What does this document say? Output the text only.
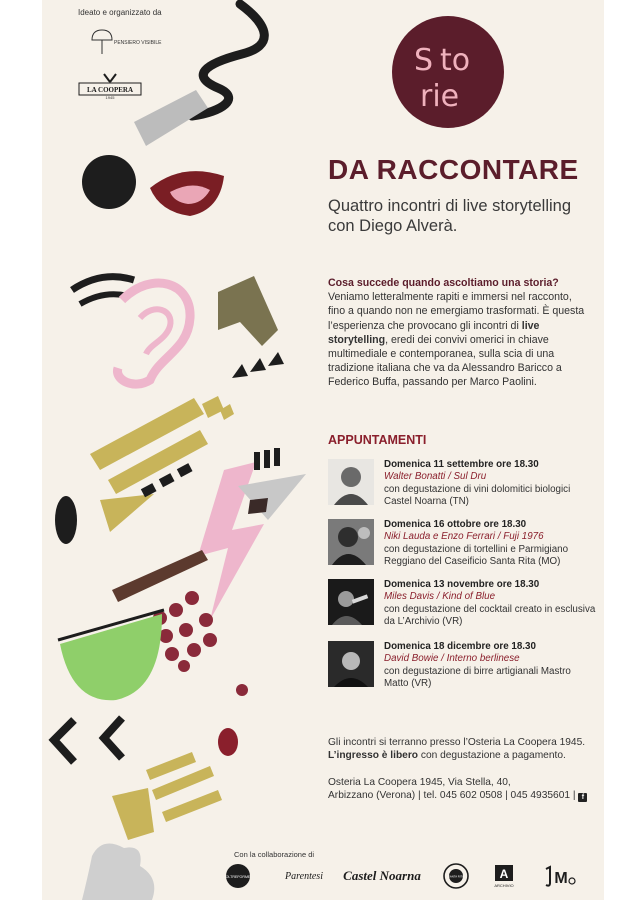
Ideato e organizzato da
PENSIERO VISIBILE
LA COOPERA
1945
S to
rie
DA RACCONTARE
Quattro incontri di live storytelling con Diego Alverà.
Cosa succede quando ascoltiamo una storia? Veniamo letteralmente rapiti e immersi nel racconto, fino a quando non ne emergiamo trasformati. È questa l’esperienza che provocano gli incontri di live storytelling, eredi dei convivi omerici in chiave multimediale e contemporanea, sulla scia di una tradizione italiana che va da Alessandro Baricco a Federico Buffa, passando per Marco Paolini.
APPUNTAMENTI
Domenica 11 settembre ore 18.30
Walter Bonatti / Sul Dru
con degustazione di vini dolomitici biologici Castel Noarna (TN)
Domenica 16 ottobre ore 18.30
Niki Lauda e Enzo Ferrari / Fuji 1976
con degustazione di tortellini e Parmigiano Reggiano del Caseificio Santa Rita (MO)
Domenica 13 novembre ore 18.30
Miles Davis / Kind of Blue
con degustazione del cocktail creato in esclusiva da L’Archivio (VR)
Domenica 18 dicembre ore 18.30
David Bowie / Interno berlinese
con degustazione di birre artigianali Mastro Matto (VR)
Gli incontri si terranno presso l’Osteria La Coopera 1945.
L’ingresso è libero con degustazione a pagamento.
Osteria La Coopera 1945, Via Stella, 40,
Arbizzano (Verona) | tel. 045 602 0508 | 045 4935601 | f
Con la collaborazione di
OLTREFORME	Parentesi	Castel Noarna	SANTA RITA	A
ARCHIVIO	M
